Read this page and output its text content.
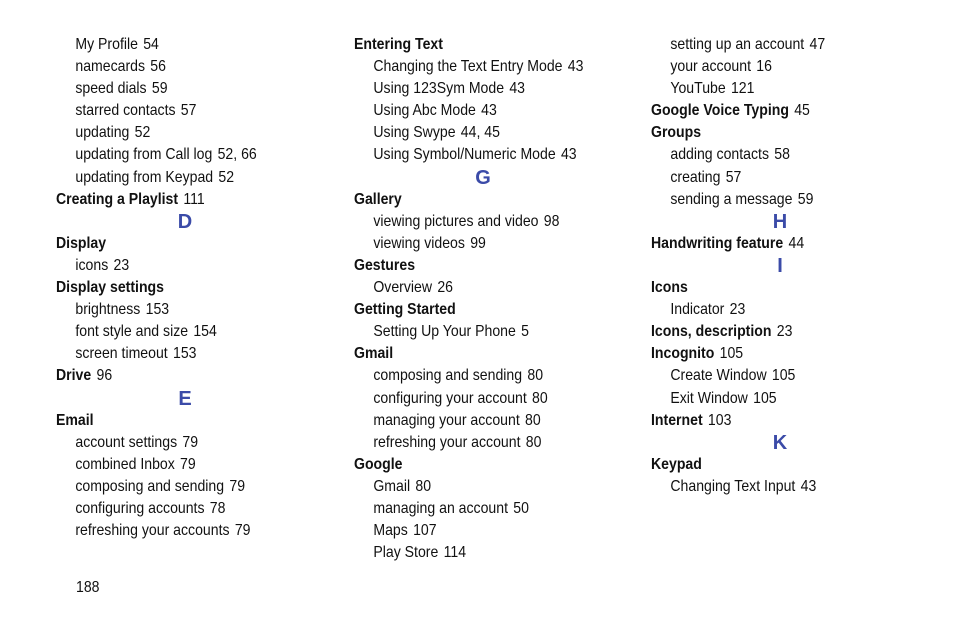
My Profile 54
namecards 56
speed dials 59
starred contacts 57
updating 52
updating from Call log 52, 66
updating from Keypad 52
Creating a Playlist 111
D
Display
icons 23
Display settings
brightness 153
font style and size 154
screen timeout 153
Drive 96
E
Email
account settings 79
combined Inbox 79
composing and sending 79
configuring accounts 78
refreshing your accounts 79
Entering Text
Changing the Text Entry Mode 43
Using 123Sym Mode 43
Using Abc Mode 43
Using Swype 44, 45
Using Symbol/Numeric Mode 43
G
Gallery
viewing pictures and video 98
viewing videos 99
Gestures
Overview 26
Getting Started
Setting Up Your Phone 5
Gmail
composing and sending 80
configuring your account 80
managing your account 80
refreshing your account 80
Google
Gmail 80
managing an account 50
Maps 107
Play Store 114
setting up an account 47
your account 16
YouTube 121
Google Voice Typing 45
Groups
adding contacts 58
creating 57
sending a message 59
H
Handwriting feature 44
I
Icons
Indicator 23
Icons, description 23
Incognito 105
Create Window 105
Exit Window 105
Internet 103
K
Keypad
Changing Text Input 43
188
